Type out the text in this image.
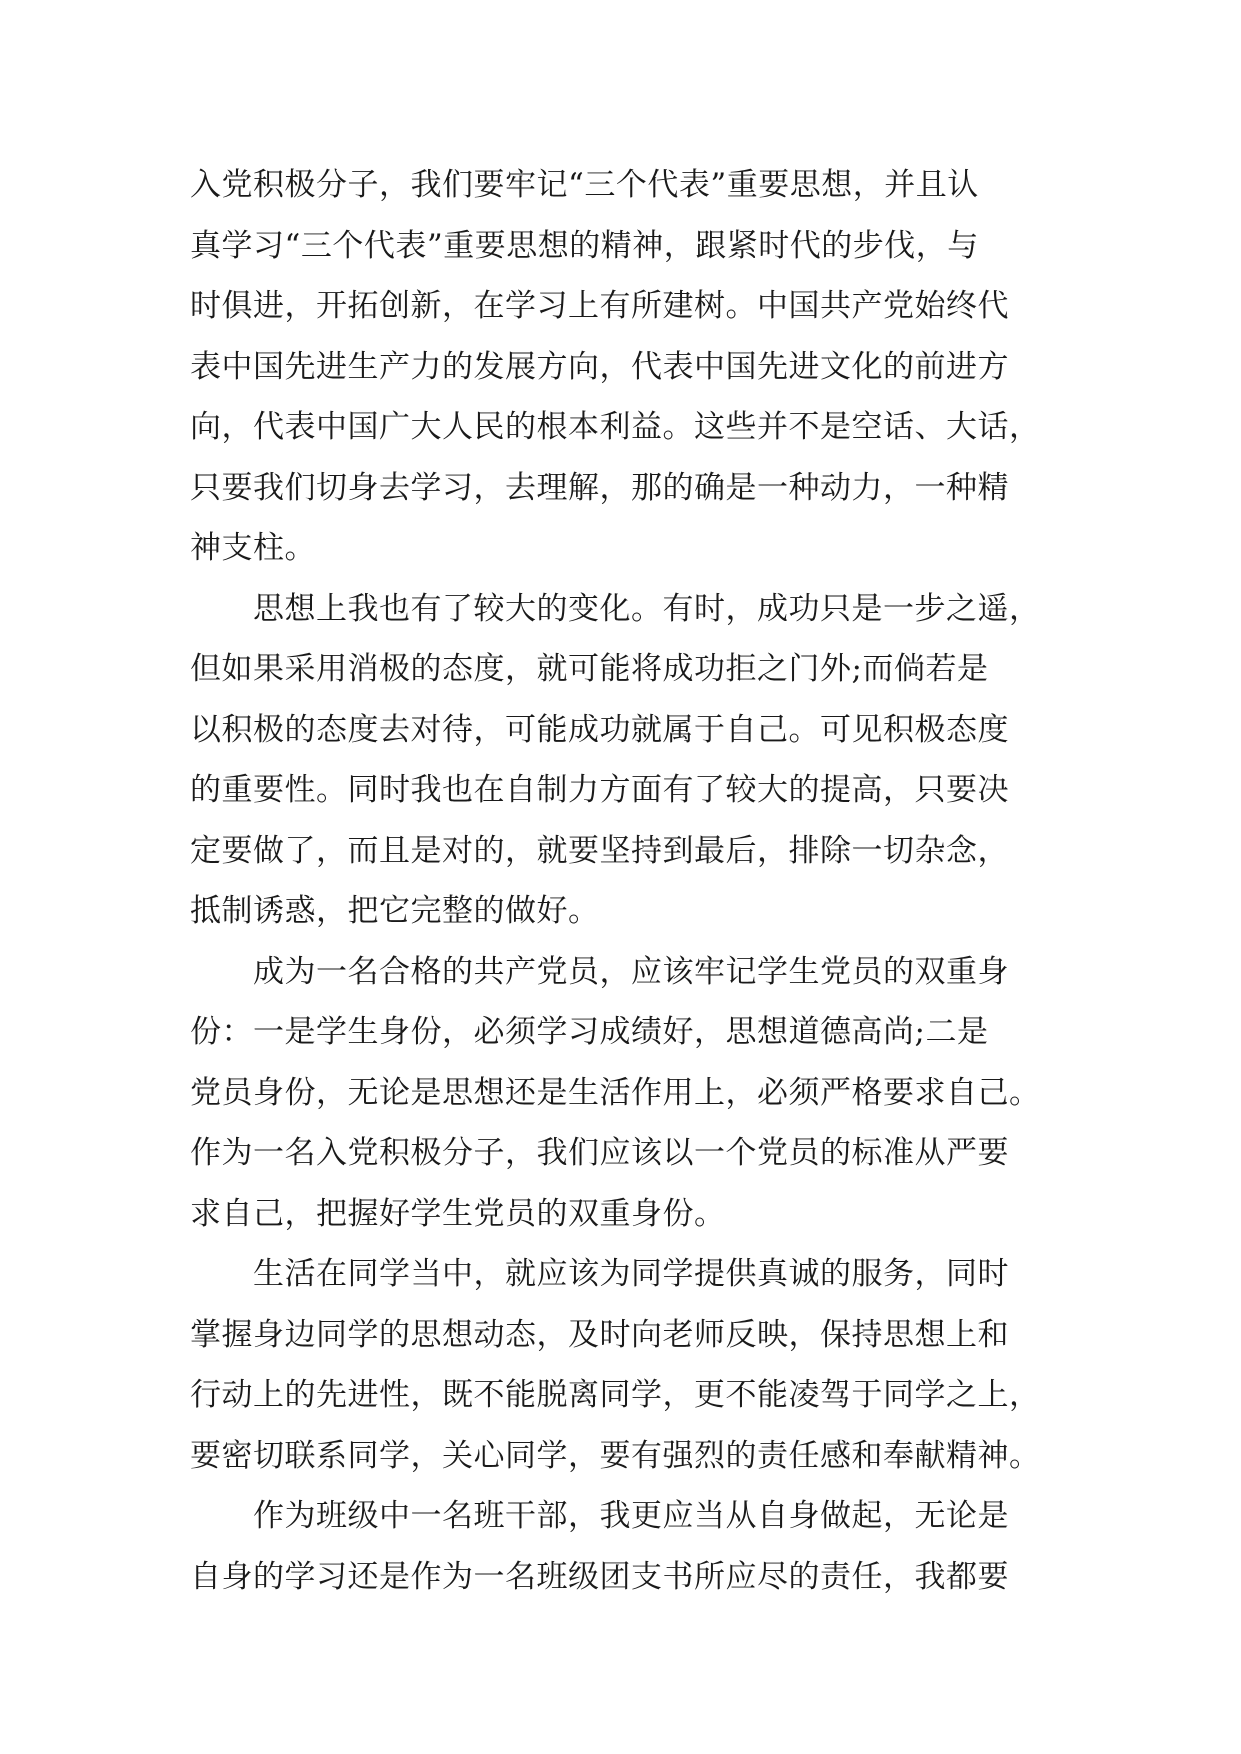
入党积极分子，我们要牢记“三个代表”重要思想，并且认
真学习“三个代表”重要思想的精神，跟紧时代的步伐，与
时俱进，开拓创新，在学习上有所建树。中国共产党始终代
表中国先进生产力的发展方向，代表中国先进文化的前进方
向，代表中国广大人民的根本利益。这些并不是空话、大话，
只要我们切身去学习，去理解，那的确是一种动力，一种精
神支柱。
　　思想上我也有了较大的变化。有时，成功只是一步之遥，
但如果采用消极的态度，就可能将成功拒之门外;而倘若是
以积极的态度去对待，可能成功就属于自己。可见积极态度
的重要性。同时我也在自制力方面有了较大的提高，只要决
定要做了，而且是对的，就要坚持到最后，排除一切杂念，
抵制诱惑，把它完整的做好。
　　成为一名合格的共产党员，应该牢记学生党员的双重身
份：一是学生身份，必须学习成绩好，思想道德高尚;二是
党员身份，无论是思想还是生活作用上，必须严格要求自己。
作为一名入党积极分子，我们应该以一个党员的标准从严要
求自己，把握好学生党员的双重身份。
　　生活在同学当中，就应该为同学提供真诚的服务，同时
掌握身边同学的思想动态，及时向老师反映，保持思想上和
行动上的先进性，既不能脱离同学，更不能凌驾于同学之上，
要密切联系同学，关心同学，要有强烈的责任感和奉献精神。
　　作为班级中一名班干部，我更应当从自身做起，无论是
自身的学习还是作为一名班级团支书所应尽的责任，我都要
